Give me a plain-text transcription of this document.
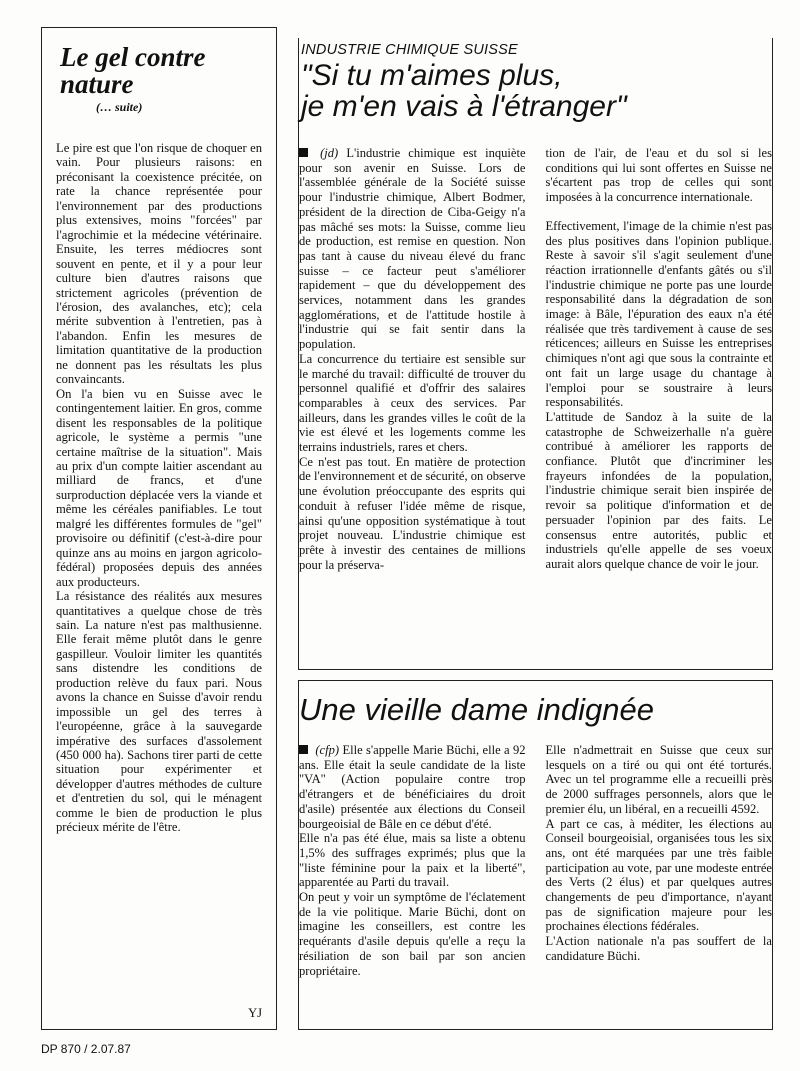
Le gel contre nature
(… suite)

Le pire est que l'on risque de choquer en vain. Pour plusieurs raisons: en préconisant la coexistence précitée, on rate la chance représentée pour l'environnement par des productions plus extensives, moins "forcées" par l'agrochimie et la médecine vétérinaire. Ensuite, les terres médiocres sont souvent en pente, et il y a pour leur culture bien d'autres raisons que strictement agricoles (prévention de l'érosion, des avalanches, etc); cela mérite subvention à l'entretien, pas à l'abandon. Enfin les mesures de limitation quantitative de la production ne donnent pas les résultats les plus convaincants.

On l'a bien vu en Suisse avec le contingentement laitier. En gros, comme disent les responsables de la politique agricole, le système a permis "une certaine maîtrise de la situation". Mais au prix d'un compte laitier ascendant au milliard de francs, et d'une surproduction déplacée vers la viande et même les céréales panifiables. Le tout malgré les différentes formules de "gel" provisoire ou définitif (c'est-à-dire pour quinze ans au moins en jargon agricolo-fédéral) proposées depuis des années aux producteurs.

La résistance des réalités aux mesures quantitatives a quelque chose de très sain. La nature n'est pas malthusienne. Elle ferait même plutôt dans le genre gaspilleur. Vouloir limiter les quantités sans distendre les conditions de production relève du faux pari. Nous avons la chance en Suisse d'avoir rendu impossible un gel des terres à l'européenne, grâce à la sauvegarde impérative des surfaces d'assolement (450 000 ha). Sachons tirer parti de cette situation pour expérimenter et développer d'autres méthodes de culture et d'entretien du sol, qui le ménagent comme le bien de production le plus précieux mérite de l'être.

YJ
INDUSTRIE CHIMIQUE SUISSE
"Si tu m'aimes plus,
je m'en vais à l'étranger"

(jd) L'industrie chimique est inquiète pour son avenir en Suisse. Lors de l'assemblée générale de la Société suisse pour l'industrie chimique, Albert Bodmer, président de la direction de Ciba-Geigy n'a pas mâché ses mots: la Suisse, comme lieu de production, est remise en question. Non pas tant à cause du niveau élevé du franc suisse – ce facteur peut s'améliorer rapidement – que du développement des services, notamment dans les grandes agglomérations, et de l'attitude hostile à l'industrie qui se fait sentir dans la population.

La concurrence du tertiaire est sensible sur le marché du travail: difficulté de trouver du personnel qualifié et d'offrir des salaires comparables à ceux des services. Par ailleurs, dans les grandes villes le coût de la vie est élevé et les logements comme les terrains industriels, rares et chers.

Ce n'est pas tout. En matière de protection de l'environnement et de sécurité, on observe une évolution préoccupante des esprits qui conduit à refuser l'idée même de risque, ainsi qu'une opposition systématique à tout projet nouveau. L'industrie chimique est prête à investir des centaines de millions pour la préserva-

tion de l'air, de l'eau et du sol si les conditions qui lui sont offertes en Suisse ne s'écartent pas trop de celles qui sont imposées à la concurrence internationale.

Effectivement, l'image de la chimie n'est pas des plus positives dans l'opinion publique. Reste à savoir s'il s'agit seulement d'une réaction irrationnelle d'enfants gâtés ou s'il l'industrie chimique ne porte pas une lourde responsabilité dans la dégradation de son image: à Bâle, l'épuration des eaux n'a été réalisée que très tardivement à cause de ses réticences; ailleurs en Suisse les entreprises chimiques n'ont agi que sous la contrainte et ont fait un large usage du chantage à l'emploi pour se soustraire à leurs responsabilités.

L'attitude de Sandoz à la suite de la catastrophe de Schweizerhalle n'a guère contribué à améliorer les rapports de confiance. Plutôt que d'incriminer les frayeurs infondées de la population, l'industrie chimique serait bien inspirée de revoir sa politique d'information et de persuader l'opinion par des faits. Le consensus entre autorités, public et industriels qu'elle appelle de ses voeux aurait alors quelque chance de voir le jour.

Une vieille dame indignée

(cfp) Elle s'appelle Marie Büchi, elle a 92 ans. Elle était la seule candidate de la liste "VA" (Action populaire contre trop d'étrangers et de bénéficiaires du droit d'asile) présentée aux élections du Conseil bourgeoisial de Bâle en ce début d'été.

Elle n'a pas été élue, mais sa liste a obtenu 1,5% des suffrages exprimés; plus que la "liste féminine pour la paix et la liberté", apparentée au Parti du travail.

On peut y voir un symptôme de l'éclatement de la vie politique. Marie Büchi, dont on imagine les conseillers, est contre les requérants d'asile depuis qu'elle a reçu la résiliation de son bail par son ancien propriétaire.

Elle n'admettrait en Suisse que ceux sur lesquels on a tiré ou qui ont été torturés. Avec un tel programme elle a recueilli près de 2000 suffrages personnels, alors que le premier élu, un libéral, en a recueilli 4592.

A part ce cas, à méditer, les élections au Conseil bourgeoisial, organisées tous les six ans, ont été marquées par une très faible participation au vote, par une modeste entrée des Verts (2 élus) et par quelques autres changements de peu d'importance, n'ayant pas de signification majeure pour les prochaines élections fédérales.

L'Action nationale n'a pas souffert de la candidature Büchi.

DP 870 / 2.07.87
